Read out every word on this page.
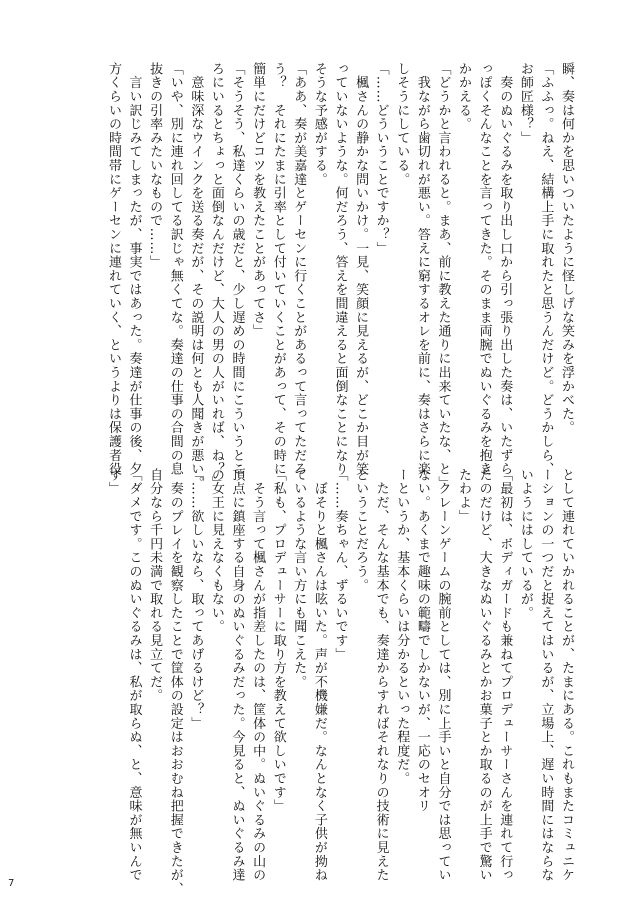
瞬、奏は何かを思いついたように怪しげな笑みを浮かべた。

「ふふっ。ねえ、結構上手に取れたと思うんだけど。どうかしら、

お師匠様？」

　奏のぬいぐるみを取り出し口から引っ張り出した奏は、いたずら

っぽくそんなことを言ってきた。そのまま両腕でぬいぐるみを抱き

かかえる。

「どうかと言われると。まあ、前に教えた通りに出来ていたな、と」

　我ながら歯切れが悪い。答えに窮するオレを前に、奏はさらに楽

しそうにしている。

「……どういうことですか？」

　楓さんの静かな問いかけ。一見、笑顔に見えるが、どこか目が笑

っていないような。何だろう、答えを間違えると面倒なことになり

そうな予感がする。

「ああ、奏が美嘉達とゲーセンに行くことがあるって言ってただろ

う？　それにたまに引率として付いていくことがあって、その時に

簡単にだけどコツを教えたことがあってさ」

「そうそう、私達くらいの歳だと、少し遅めの時間にこういうとこ

ろにいるとちょっと面倒なんだけど、大人の男の人がいれば、ね？」

　意味深なウインクを送る奏だが、その説明は何とも人聞きが悪い。

「いや、別に連れ回してる訳じゃ無くてな。奏達の仕事の合間の息

抜きの引率みたいなもので……」

　言い訳じみてしまったが、事実ではあった。奏達が仕事の後、夕

方くらいの時間帯にゲーセンに連れていく、というよりは保護者役

として連れていかれることが、たまにある。これもまたコミュニケ

ーションの一つだと捉えてはいるが、立場上、遅い時間にはならな

いようにはしているが。

「最初は、ボディガードも兼ねてプロデューサーさんを連れて行っ

たのだけど、大きなぬいぐるみとかお菓子とか取るのが上手で驚い

たわよ」

　クレーンゲームの腕前としては、別に上手いと自分では思ってい

ない。あくまで趣味の範疇でしかないが、一応のセオリ

ーというか、基本くらいは分かるといった程度だ。

　ただ、そんな基本でも、奏達からすればそれなりの技術に見えた

ということだろう。

「……奏ちゃん、ずるいです」

　ぼそりと楓さんは呟いた。声が不機嫌だ。なんとなく子供が拗ね

ているような言い方にも聞こえた。

「私も、プロデューサーに取り方を教えて欲しいです」

　そう言って楓さんが指差したのは、筐体の中。ぬいぐるみの山の

頂点に鎮座する自身のぬいぐるみだった。今見ると、ぬいぐるみ達

の女王に見えなくもない。

「……欲しいなら、取ってあげるけど？」

　奏のプレイを観察したことで筐体の設定はおおむね把握できたが、

自分なら千円未満で取れる見立てだ。

「ダメです。このぬいぐるみは、私が取らぬ、と、意味が無いんで

す」

7
